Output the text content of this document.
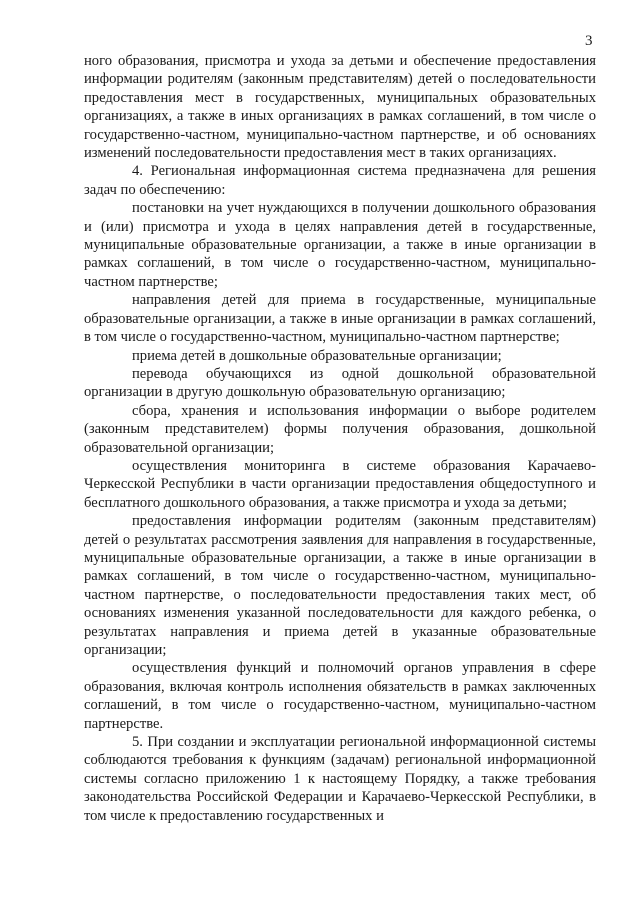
3

ного образования, присмотра и ухода за детьми и обеспечение предоставления информации родителям (законным представителям) детей о последовательности предоставления мест в государственных, муниципальных образовательных организациях, а также в иных организациях в рамках соглашений, в том числе о государственно-частном, муниципально-частном партнерстве, и об основаниях изменений последовательности предоставления мест в таких организациях.

4. Региональная информационная система предназначена для решения задач по обеспечению:

постановки на учет нуждающихся в получении дошкольного образования и (или) присмотра и ухода в целях направления детей в государственные, муниципальные образовательные организации, а также в иные организации в рамках соглашений, в том числе о государственно-частном, муниципально-частном партнерстве;

направления детей для приема в государственные, муниципальные образовательные организации, а также в иные организации в рамках соглашений, в том числе о государственно-частном, муниципально-частном партнерстве;

приема детей в дошкольные образовательные организации;

перевода обучающихся из одной дошкольной образовательной организации в другую дошкольную образовательную организацию;

сбора, хранения и использования информации о выборе родителем (законным представителем) формы получения образования, дошкольной образовательной организации;

осуществления мониторинга в системе образования Карачаево-Черкесской Республики в части организации предоставления общедоступного и бесплатного дошкольного образования, а также присмотра и ухода за детьми;

предоставления информации родителям (законным представителям) детей о результатах рассмотрения заявления для направления в государственные, муниципальные образовательные организации, а также в иные организации в рамках соглашений, в том числе о государственно-частном, муниципально-частном партнерстве, о последовательности предоставления таких мест, об основаниях изменения указанной последовательности для каждого ребенка, о результатах направления и приема детей в указанные образовательные организации;

осуществления функций и полномочий органов управления в сфере образования, включая контроль исполнения обязательств в рамках заключенных соглашений, в том числе о государственно-частном, муниципально-частном партнерстве.

5. При создании и эксплуатации региональной информационной системы соблюдаются требования к функциям (задачам) региональной информационной системы согласно приложению 1 к настоящему Порядку, а также требования законодательства Российской Федерации и Карачаево-Черкесской Республики, в том числе к предоставлению государственных и
